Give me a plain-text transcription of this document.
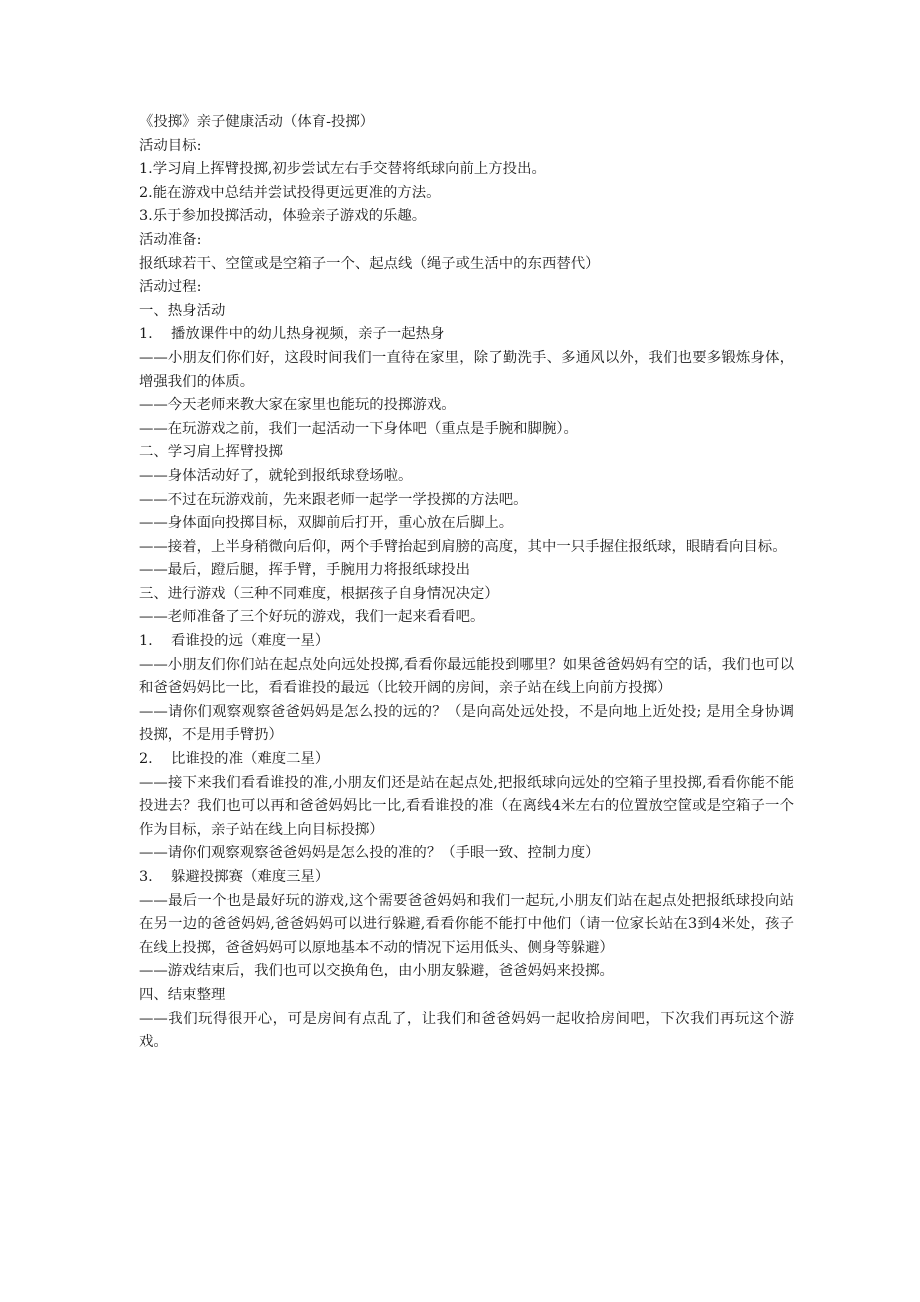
《投掷》亲子健康活动（体育-投掷）

活动目标:

1.学习肩上挥臂投掷,初步尝试左右手交替将纸球向前上方投出。

2.能在游戏中总结并尝试投得更远更准的方法。

3.乐于参加投掷活动，体验亲子游戏的乐趣。

活动准备:

报纸球若干、空筐或是空箱子一个、起点线（绳子或生活中的东西替代）

活动过程:

一、热身活动

1. 播放课件中的幼儿热身视频，亲子一起热身

——小朋友们你们好，这段时间我们一直待在家里，除了勤洗手、多通风以外，我们也要多锻炼身体，增强我们的体质。

——今天老师来教大家在家里也能玩的投掷游戏。

——在玩游戏之前，我们一起活动一下身体吧（重点是手腕和脚腕）。

二、学习肩上挥臂投掷

——身体活动好了，就轮到报纸球登场啦。

——不过在玩游戏前，先来跟老师一起学一学投掷的方法吧。

——身体面向投掷目标，双脚前后打开，重心放在后脚上。

——接着，上半身稍微向后仰，两个手臂抬起到肩膀的高度，其中一只手握住报纸球，眼睛看向目标。

——最后，蹬后腿，挥手臂，手腕用力将报纸球投出

三、进行游戏（三种不同难度，根据孩子自身情况决定）

——老师准备了三个好玩的游戏，我们一起来看看吧。

1. 看谁投的远（难度一星）

——小朋友们你们站在起点处向远处投掷,看看你最远能投到哪里？如果爸爸妈妈有空的话，我们也可以和爸爸妈妈比一比，看看谁投的最远（比较开阔的房间，亲子站在线上向前方投掷）

——请你们观察观察爸爸妈妈是怎么投的远的？（是向高处远处投，不是向地上近处投; 是用全身协调投掷，不是用手臂扔）

2. 比谁投的准（难度二星）

——接下来我们看看谁投的准,小朋友们还是站在起点处,把报纸球向远处的空箱子里投掷,看看你能不能投进去？我们也可以再和爸爸妈妈比一比,看看谁投的准（在离线4米左右的位置放空筐或是空箱子一个作为目标，亲子站在线上向目标投掷）

——请你们观察观察爸爸妈妈是怎么投的准的？（手眼一致、控制力度）

3. 躲避投掷赛（难度三星）

——最后一个也是最好玩的游戏,这个需要爸爸妈妈和我们一起玩,小朋友们站在起点处把报纸球投向站在另一边的爸爸妈妈,爸爸妈妈可以进行躲避,看看你能不能打中他们（请一位家长站在3到4米处，孩子在线上投掷，爸爸妈妈可以原地基本不动的情况下运用低头、侧身等躲避）

——游戏结束后，我们也可以交换角色，由小朋友躲避，爸爸妈妈来投掷。

四、结束整理

——我们玩得很开心，可是房间有点乱了，让我们和爸爸妈妈一起收拾房间吧，下次我们再玩这个游戏。
